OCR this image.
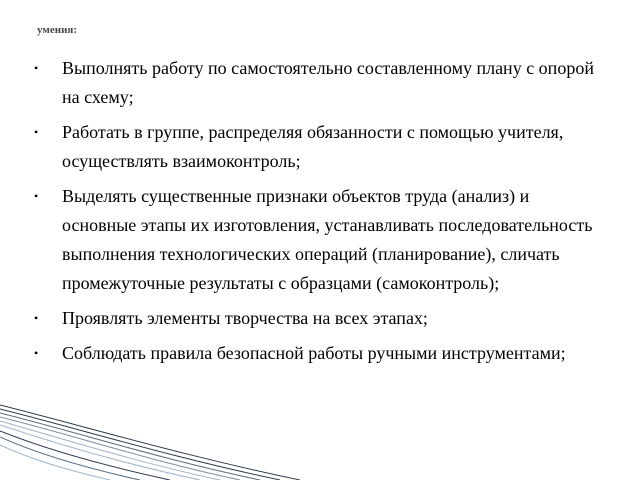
умения:
• Выполнять работу по самостоятельно составленному плану с опорой на схему;
• Работать в группе, распределяя обязанности с помощью учителя, осуществлять взаимоконтроль;
• Выделять существенные признаки объектов труда (анализ) и основные этапы их изготовления, устанавливать последовательность выполнения технологических операций (планирование), сличать промежуточные результаты с образцами (самоконтроль);
• Проявлять элементы творчества на всех этапах;
• Соблюдать правила безопасной работы ручными инструментами;
